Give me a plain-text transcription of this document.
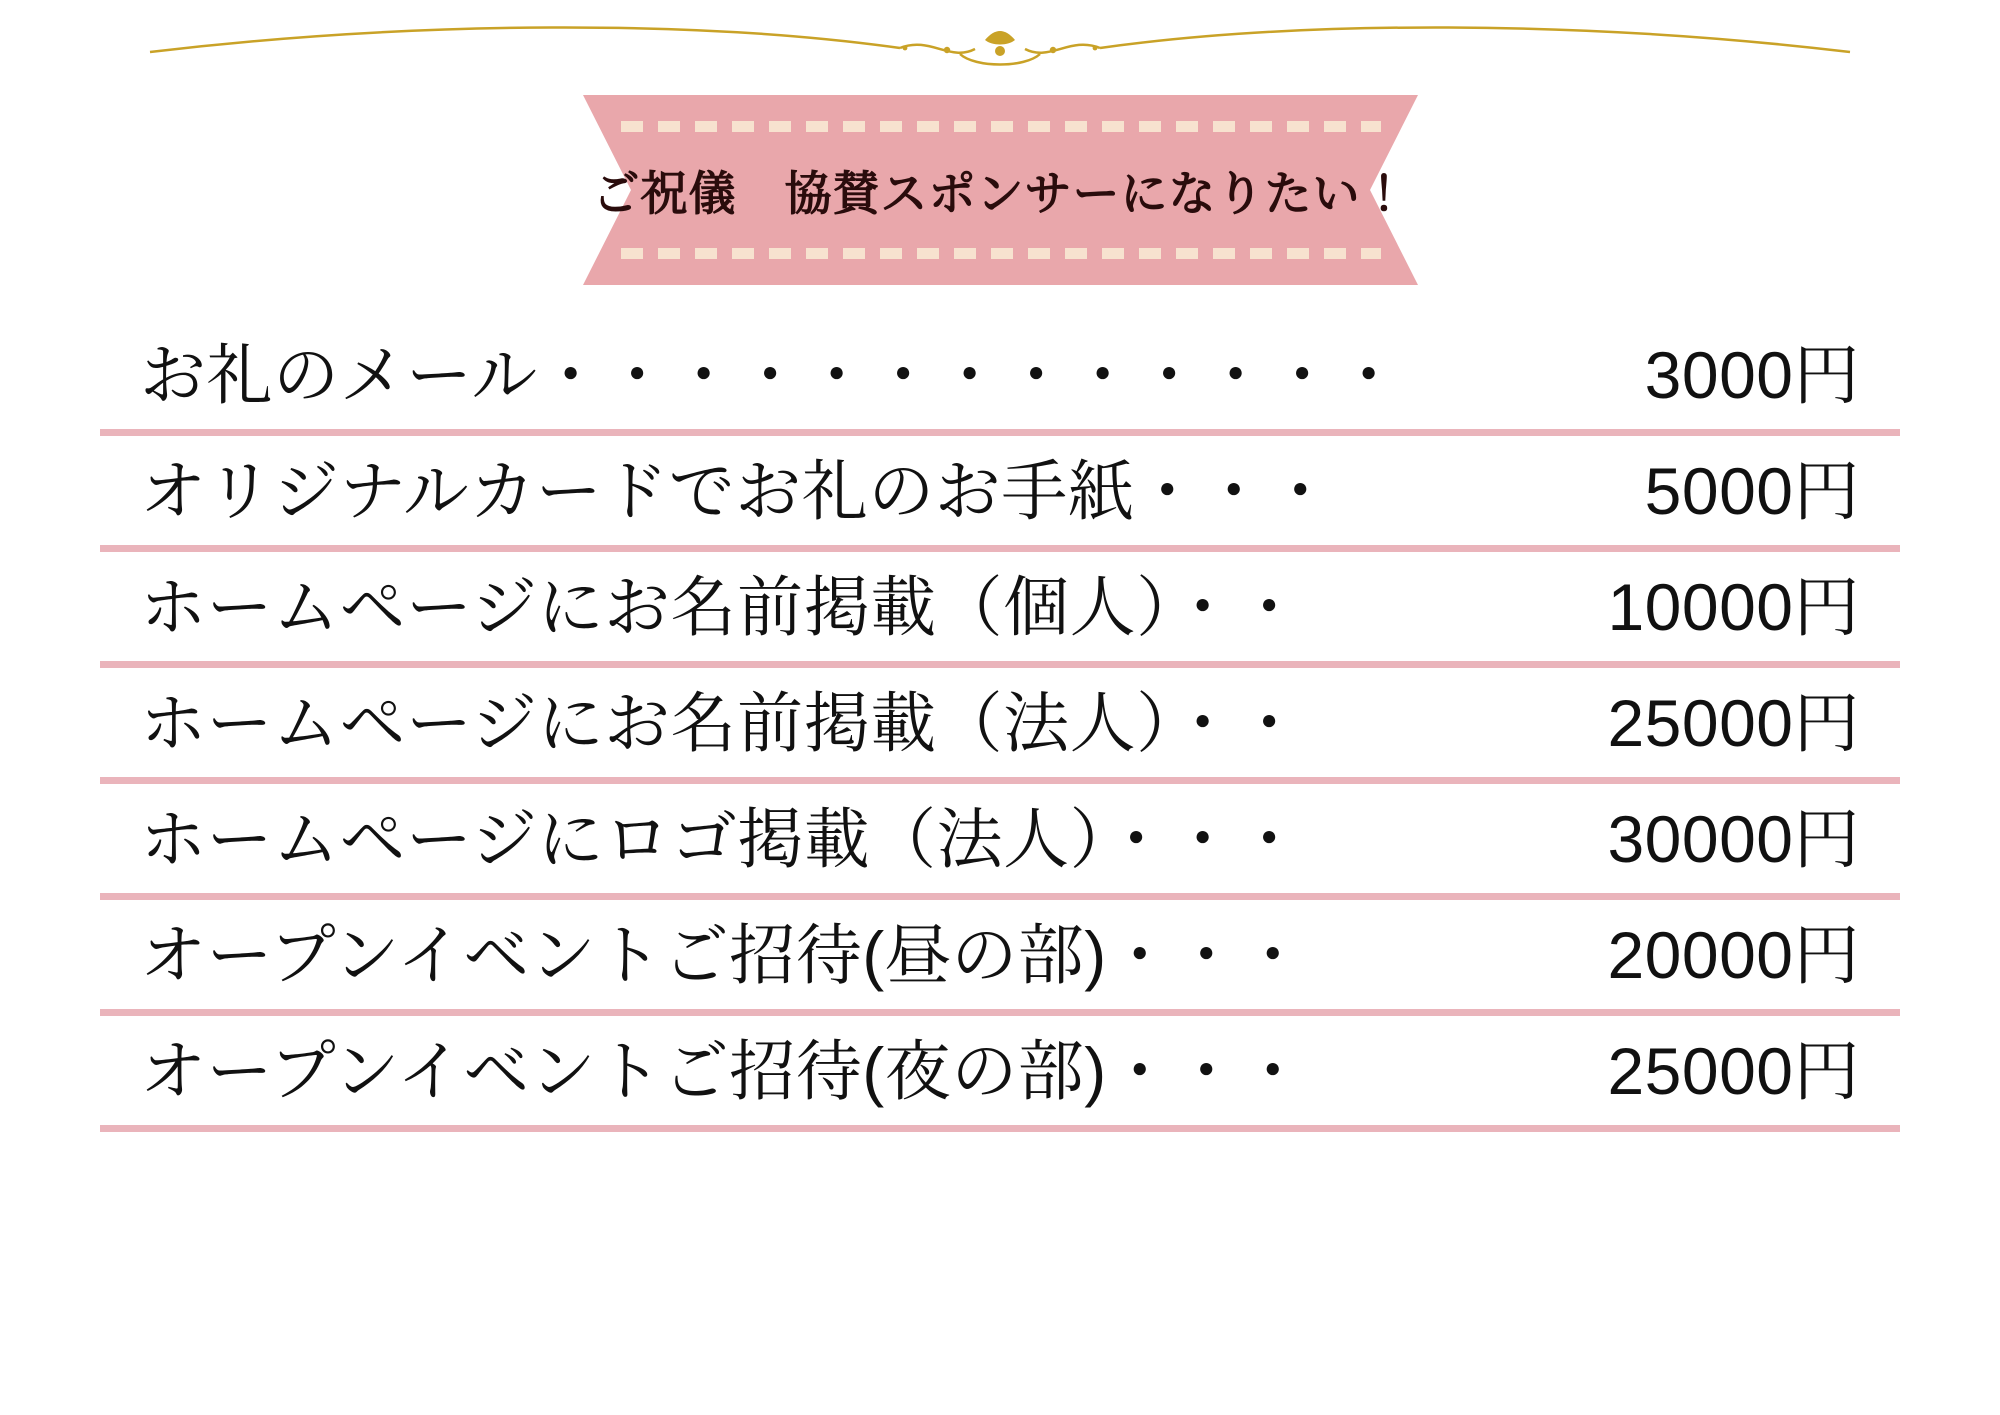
ご祝儀　協賛スポンサーになりたい！
お礼のメール・・・・・・・・・・・・・	3000円
オリジナルカードでお礼のお手紙・・・	5000円
ホームページにお名前掲載（個人）・・	10000円
ホームページにお名前掲載（法人）・・	25000円
ホームページにロゴ掲載（法人）・・・	30000円
オープンイベントご招待(昼の部)・・・	20000円
オープンイベントご招待(夜の部)・・・	25000円
